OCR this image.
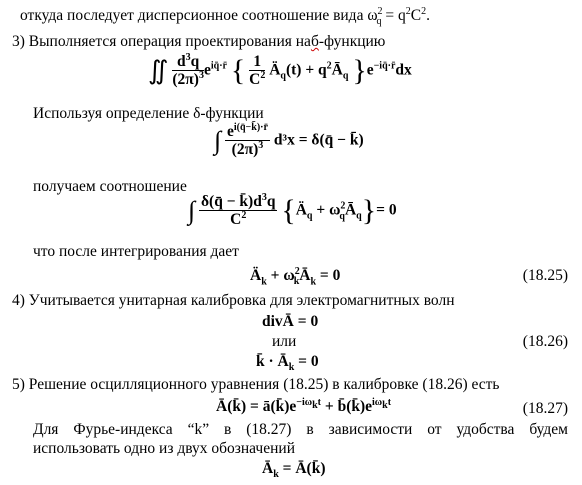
откуда последует дисперсионное соотношение вида $\omega^2_q = q^2C^2$.
3) Выполняется операция проектирования наб-функцию
∬ $\frac{d^3q}{(2\pi)^3} e^{iq̄\cdot r̄}$ { $\frac{1}{C^2}$ $Ä_q(t)$ + $q^2Ā_q$ }$e^{-iq̄\cdot r̄}dx$
Используя определение δ-функции
∫ $\frac{e^{i(q̄-k̄)\cdot r̄}}{(2\pi)^3} d^3x$ = δ(q̄ − k̄)
получаем соотношение
∫ $\frac{\delta(q̄ - k̄)d^3q}{C^2}$ {$Ä_q$ + $\omega^2_qĀ_q\}= 0$
что после интегрирования дает
$Ä_k$ + $\omega^2_kĀ_k = 0$	(18.25)
4) Учитывается унитарная калибровка для электромагнитных волн
divĀ = 0
или	(18.26)
k̄ · $Ā_k = 0$
5) Решение осцилляционного уравнения (18.25) в калибровке (18.26) есть
Ā(k̄) = $ā(k̄)e^{-i\omega_kt}$ + $b̄(k̄)e^{i\omega_kt}$	(18.27)
Для Фурье-индекса “k” в (18.27) в зависимости от удобства будем
использовать одно из двух обозначений
$Ā_k$ = Ā(k̄)
